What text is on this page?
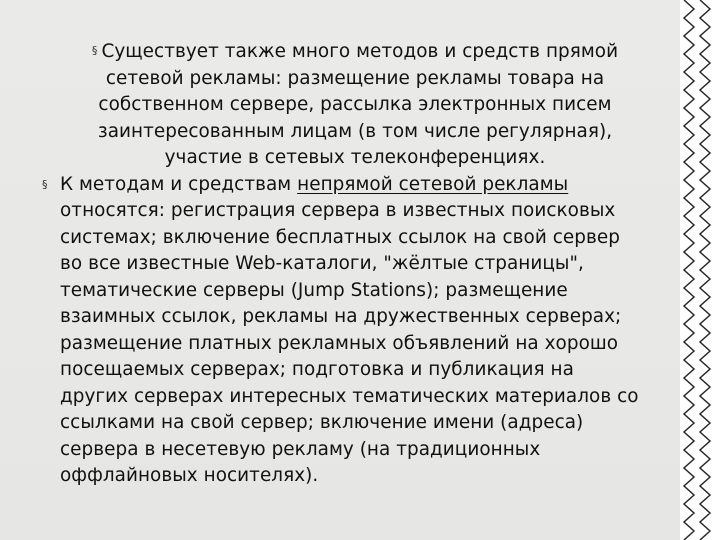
§ Существует также много методов и средств прямой
сетевой рекламы: размещение рекламы товара на
собственном сервере, рассылка электронных писем
заинтересованным лицам (в том числе регулярная),
участие в сетевых телеконференциях.
§ К методам и средствам непрямой сетевой рекламы
относятся: регистрация сервера в известных поисковых
системах; включение бесплатных ссылок на свой сервер
во все известные Web-каталоги, "жёлтые страницы",
тематические серверы (Jump Stations); размещение
взаимных ссылок, рекламы на дружественных серверах;
размещение платных рекламных объявлений на хорошо
посещаемых серверах; подготовка и публикация на
других серверах интересных тематических материалов со
ссылками на свой сервер; включение имени (адреса)
сервера в несетевую рекламу (на традиционных
оффлайновых носителях).
